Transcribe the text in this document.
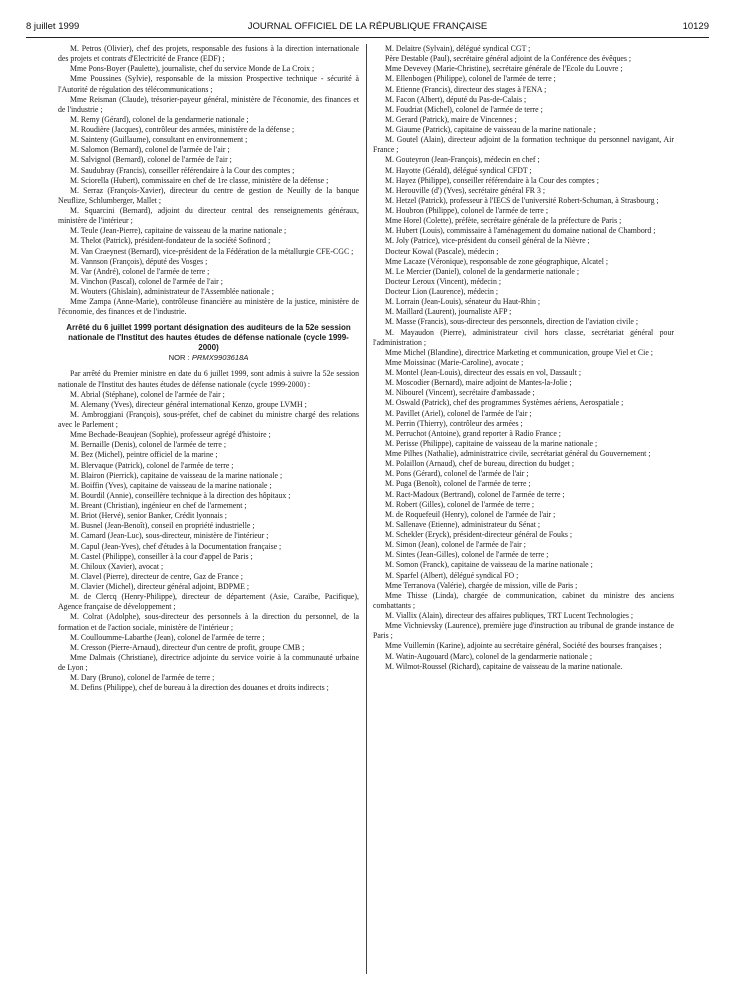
8 juillet 1999	JOURNAL OFFICIEL DE LA RÉPUBLIQUE FRANÇAISE	10129

M. Petros (Olivier), chef des projets, responsable des fusions à la direction internationale des projets et contrats d'Electricité de France (EDF) ;

Mme Pons-Boyer (Paulette), journaliste, chef du service Monde de La Croix ;

Mme Poussines (Sylvie), responsable de la mission Prospective technique - sécurité à l'Autorité de régulation des télécommunications ;

Mme Reisman (Claude), trésorier-payeur général, ministère de l'économie, des finances et de l'industrie ;

M. Remy (Gérard), colonel de la gendarmerie nationale ;

M. Roudière (Jacques), contrôleur des armées, ministère de la défense ;

M. Sainteny (Guillaume), consultant en environnement ;

M. Salomon (Bernard), colonel de l'armée de l'air ;

M. Salvignol (Bernard), colonel de l'armée de l'air ;

M. Saudubray (Francis), conseiller référendaire à la Cour des comptes ;

M. Sciorella (Hubert), commissaire en chef de 1re classe, ministère de la défense ;

M. Serraz (François-Xavier), directeur du centre de gestion de Neuilly de la banque Neuflize, Schlumberger, Mallet ;

M. Squarcini (Bernard), adjoint du directeur central des renseignements généraux, ministère de l'intérieur ;

M. Teule (Jean-Pierre), capitaine de vaisseau de la marine nationale ;

M. Thelot (Patrick), président-fondateur de la société Sofinord ;

M. Van Craeynest (Bernard), vice-président de la Fédération de la métallurgie CFE-CGC ;

M. Vannson (François), député des Vosges ;

M. Var (André), colonel de l'armée de terre ;

M. Vinchon (Pascal), colonel de l'armée de l'air ;

M. Wouters (Ghislain), administrateur de l'Assemblée nationale ;

Mme Zampa (Anne-Marie), contrôleuse financière au ministère de la justice, ministère de l'économie, des finances et de l'industrie.

Arrêté du 6 juillet 1999 portant désignation des auditeurs de la 52e session nationale de l'Institut des hautes études de défense nationale (cycle 1999-2000)
NOR : PRMX9903618A

Par arrêté du Premier ministre en date du 6 juillet 1999, sont admis à suivre la 52e session nationale de l'Institut des hautes études de défense nationale (cycle 1999-2000) :

M. Abrial (Stéphane), colonel de l'armée de l'air ;

M. Alemany (Yves), directeur général international Kenzo, groupe LVMH ;

M. Ambroggiani (François), sous-préfet, chef de cabinet du ministre chargé des relations avec le Parlement ;

Mme Bechade-Beaujean (Sophie), professeur agrégé d'histoire ;

M. Bernaille (Denis), colonel de l'armée de terre ;

M. Bez (Michel), peintre officiel de la marine ;

M. Blervaque (Patrick), colonel de l'armée de terre ;

M. Blairon (Pierrick), capitaine de vaisseau de la marine nationale ;

M. Boiffin (Yves), capitaine de vaisseau de la marine nationale ;

M. Bourdil (Annie), conseillère technique à la direction des hôpitaux ;

M. Breant (Christian), ingénieur en chef de l'armement ;

M. Briot (Hervé), senior Banker, Crédit lyonnais ;

M. Busnel (Jean-Benoît), conseil en propriété industrielle ;

M. Camard (Jean-Luc), sous-directeur, ministère de l'intérieur ;

M. Capul (Jean-Yves), chef d'études à la Documentation française ;

M. Castel (Philippe), conseiller à la cour d'appel de Paris ;

M. Chiloux (Xavier), avocat ;

M. Clavel (Pierre), directeur de centre, Gaz de France ;

M. Clavier (Michel), directeur général adjoint, BDPME ;

M. de Clercq (Henry-Philippe), directeur de département (Asie, Caraïbe, Pacifique), Agence française de développement ;

M. Colrat (Adolphe), sous-directeur des personnels à la direction du personnel, de la formation et de l'action sociale, ministère de l'intérieur ;

M. Coulloumme-Labarthe (Jean), colonel de l'armée de terre ;

M. Cresson (Pierre-Arnaud), directeur d'un centre de profit, groupe CMB ;

Mme Dalmais (Christiane), directrice adjointe du service voirie à la communauté urbaine de Lyon ;

M. Dary (Bruno), colonel de l'armée de terre ;

M. Defins (Philippe), chef de bureau à la direction des douanes et droits indirects ;

M. Delaitre (Sylvain), délégué syndical CGT ;

Père Destable (Paul), secrétaire général adjoint de la Conférence des évêques ;

Mme Devevey (Marie-Christine), secrétaire générale de l'Ecole du Louvre ;

M. Ellenbogen (Philippe), colonel de l'armée de terre ;

M. Etienne (Francis), directeur des stages à l'ENA ;

M. Facon (Albert), député du Pas-de-Calais ;

M. Foudriat (Michel), colonel de l'armée de terre ;

M. Gerard (Patrick), maire de Vincennes ;

M. Giaume (Patrick), capitaine de vaisseau de la marine nationale ;

M. Goutel (Alain), directeur adjoint de la formation technique du personnel navigant, Air France ;

M. Gouteyron (Jean-François), médecin en chef ;

M. Hayotte (Gérald), délégué syndical CFDT ;

M. Hayez (Philippe), conseiller référendaire à la Cour des comptes ;

M. Herouville (d') (Yves), secrétaire général FR 3 ;

M. Hetzel (Patrick), professeur à l'IECS de l'université Robert-Schuman, à Strasbourg ;

M. Houbron (Philippe), colonel de l'armée de terre ;

Mme Horel (Colette), préfète, secrétaire générale de la préfecture de Paris ;

M. Hubert (Louis), commissaire à l'aménagement du domaine national de Chambord ;

M. Joly (Patrice), vice-président du conseil général de la Nièvre ;

Docteur Kowal (Pascale), médecin ;

Mme Lacaze (Véronique), responsable de zone géographique, Alcatel ;

M. Le Mercier (Daniel), colonel de la gendarmerie nationale ;

Docteur Leroux (Vincent), médecin ;

Docteur Lion (Laurence), médecin ;

M. Lorrain (Jean-Louis), sénateur du Haut-Rhin ;

M. Maillard (Laurent), journaliste AFP ;

M. Masse (Francis), sous-directeur des personnels, direction de l'aviation civile ;

M. Mayaudon (Pierre), administrateur civil hors classe, secrétariat général pour l'administration ;

Mme Michel (Blandine), directrice Marketing et communication, groupe Viel et Cie ;

Mme Moissinac (Marie-Caroline), avocate ;

M. Montel (Jean-Louis), directeur des essais en vol, Dassault ;

M. Moscodier (Bernard), maire adjoint de Mantes-la-Jolie ;

M. Nibourel (Vincent), secrétaire d'ambassade ;

M. Oswald (Patrick), chef des programmes Systèmes aériens, Aerospatiale ;

M. Pavillet (Ariel), colonel de l'armée de l'air ;

M. Perrin (Thierry), contrôleur des armées ;

M. Perruchot (Antoine), grand reporter à Radio France ;

M. Perisse (Philippe), capitaine de vaisseau de la marine nationale ;

Mme Pilhes (Nathalie), administratrice civile, secrétariat général du Gouvernement ;

M. Polaillon (Arnaud), chef de bureau, direction du budget ;

M. Pons (Gérard), colonel de l'armée de l'air ;

M. Puga (Benoît), colonel de l'armée de terre ;

M. Ract-Madoux (Bertrand), colonel de l'armée de terre ;

M. Robert (Gilles), colonel de l'armée de terre ;

M. de Roquefeuil (Henry), colonel de l'armée de l'air ;

M. Sallenave (Etienne), administrateur du Sénat ;

M. Schekler (Eryck), président-directeur général de Fouks ;

M. Simon (Jean), colonel de l'armée de l'air ;

M. Sintes (Jean-Gilles), colonel de l'armée de terre ;

M. Somon (Franck), capitaine de vaisseau de la marine nationale ;

M. Sparfel (Albert), délégué syndical FO ;

Mme Terranova (Valérie), chargée de mission, ville de Paris ;

Mme Thisse (Linda), chargée de communication, cabinet du ministre des anciens combattants ;

M. Viallix (Alain), directeur des affaires publiques, TRT Lucent Technologies ;

Mme Vichnievsky (Laurence), première juge d'instruction au tribunal de grande instance de Paris ;

Mme Vuillemin (Karine), adjointe au secrétaire général, Société des bourses françaises ;

M. Watin-Augouard (Marc), colonel de la gendarmerie nationale ;

M. Wilmot-Roussel (Richard), capitaine de vaisseau de la marine nationale.
